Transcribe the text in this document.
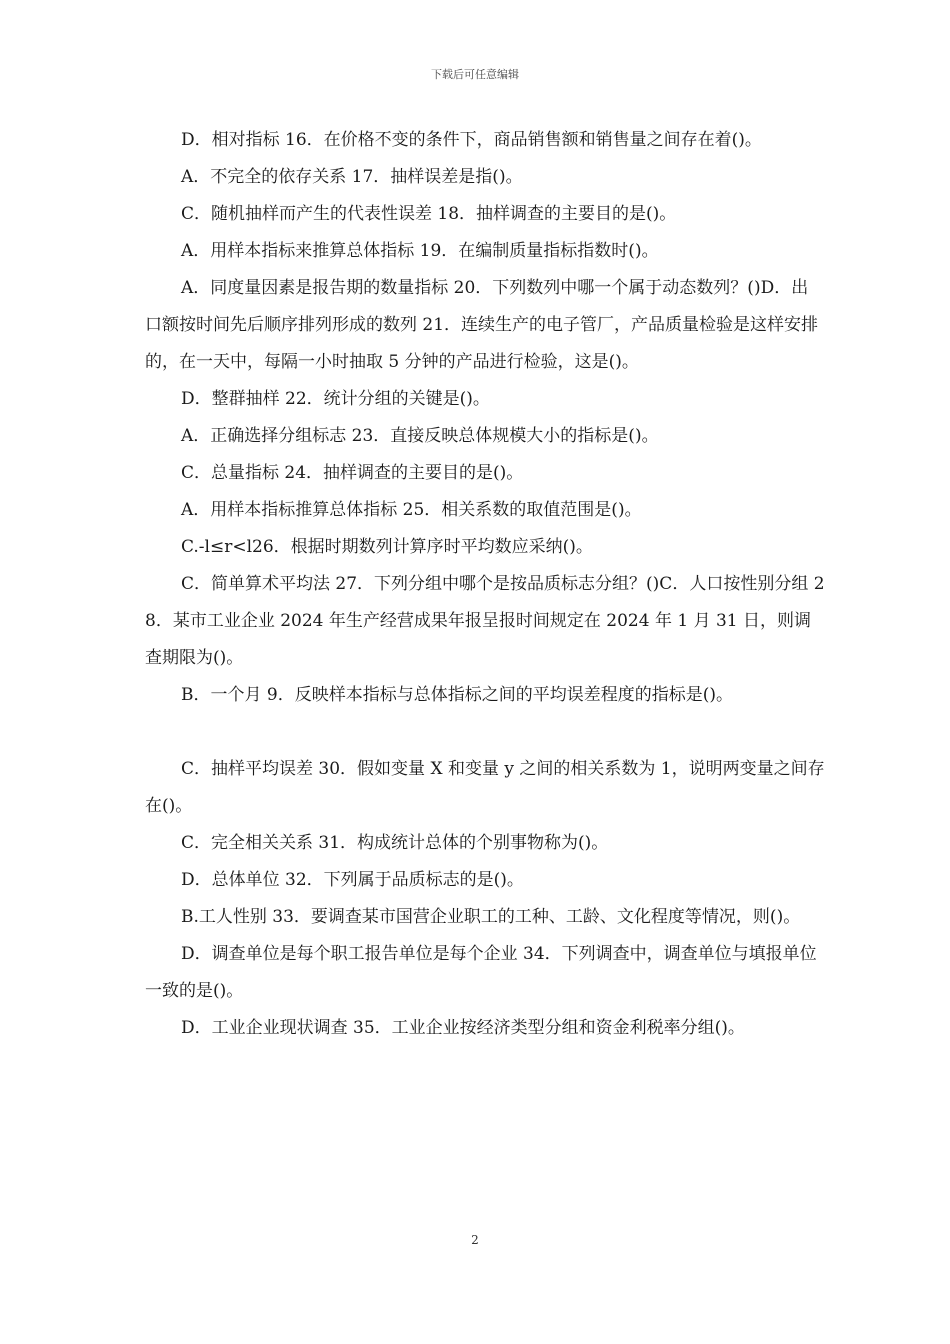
下载后可任意编辑

D．相对指标 16．在价格不变的条件下，商品销售额和销售量之间存在着()。

A．不完全的依存关系 17．抽样误差是指()。

C．随机抽样而产生的代表性误差 18．抽样调查的主要目的是()。

A．用样本指标来推算总体指标 19．在编制质量指标指数时()。

A．同度量因素是报告期的数量指标 20．下列数列中哪一个属于动态数列？()D．出口额按时间先后顺序排列形成的数列 21．连续生产的电子管厂，产品质量检验是这样安排的，在一天中，每隔一小时抽取 5 分钟的产品进行检验，这是()。

D．整群抽样 22．统计分组的关键是()。

A．正确选择分组标志 23．直接反映总体规模大小的指标是()。

C．总量指标 24．抽样调查的主要目的是()。

A．用样本指标推算总体指标 25．相关系数的取值范围是()。

C.-l≤r<l26．根据时期数列计算序时平均数应采纳()。

C．简单算术平均法 27．下列分组中哪个是按品质标志分组？()C．人口按性别分组 28．某市工业企业 2024 年生产经营成果年报呈报时间规定在 2024 年 1 月 31 日，则调查期限为()。

B．一个月 9．反映样本指标与总体指标之间的平均误差程度的指标是()。

C．抽样平均误差 30．假如变量 X 和变量 y 之间的相关系数为 1，说明两变量之间存在()。

C．完全相关关系 31．构成统计总体的个别事物称为()。

D．总体单位 32．下列属于品质标志的是()。

B.工人性别 33．要调查某市国营企业职工的工种、工龄、文化程度等情况，则()。

D．调查单位是每个职工报告单位是每个企业 34．下列调查中，调查单位与填报单位一致的是()。

D．工业企业现状调查 35．工业企业按经济类型分组和资金利税率分组()。

2
